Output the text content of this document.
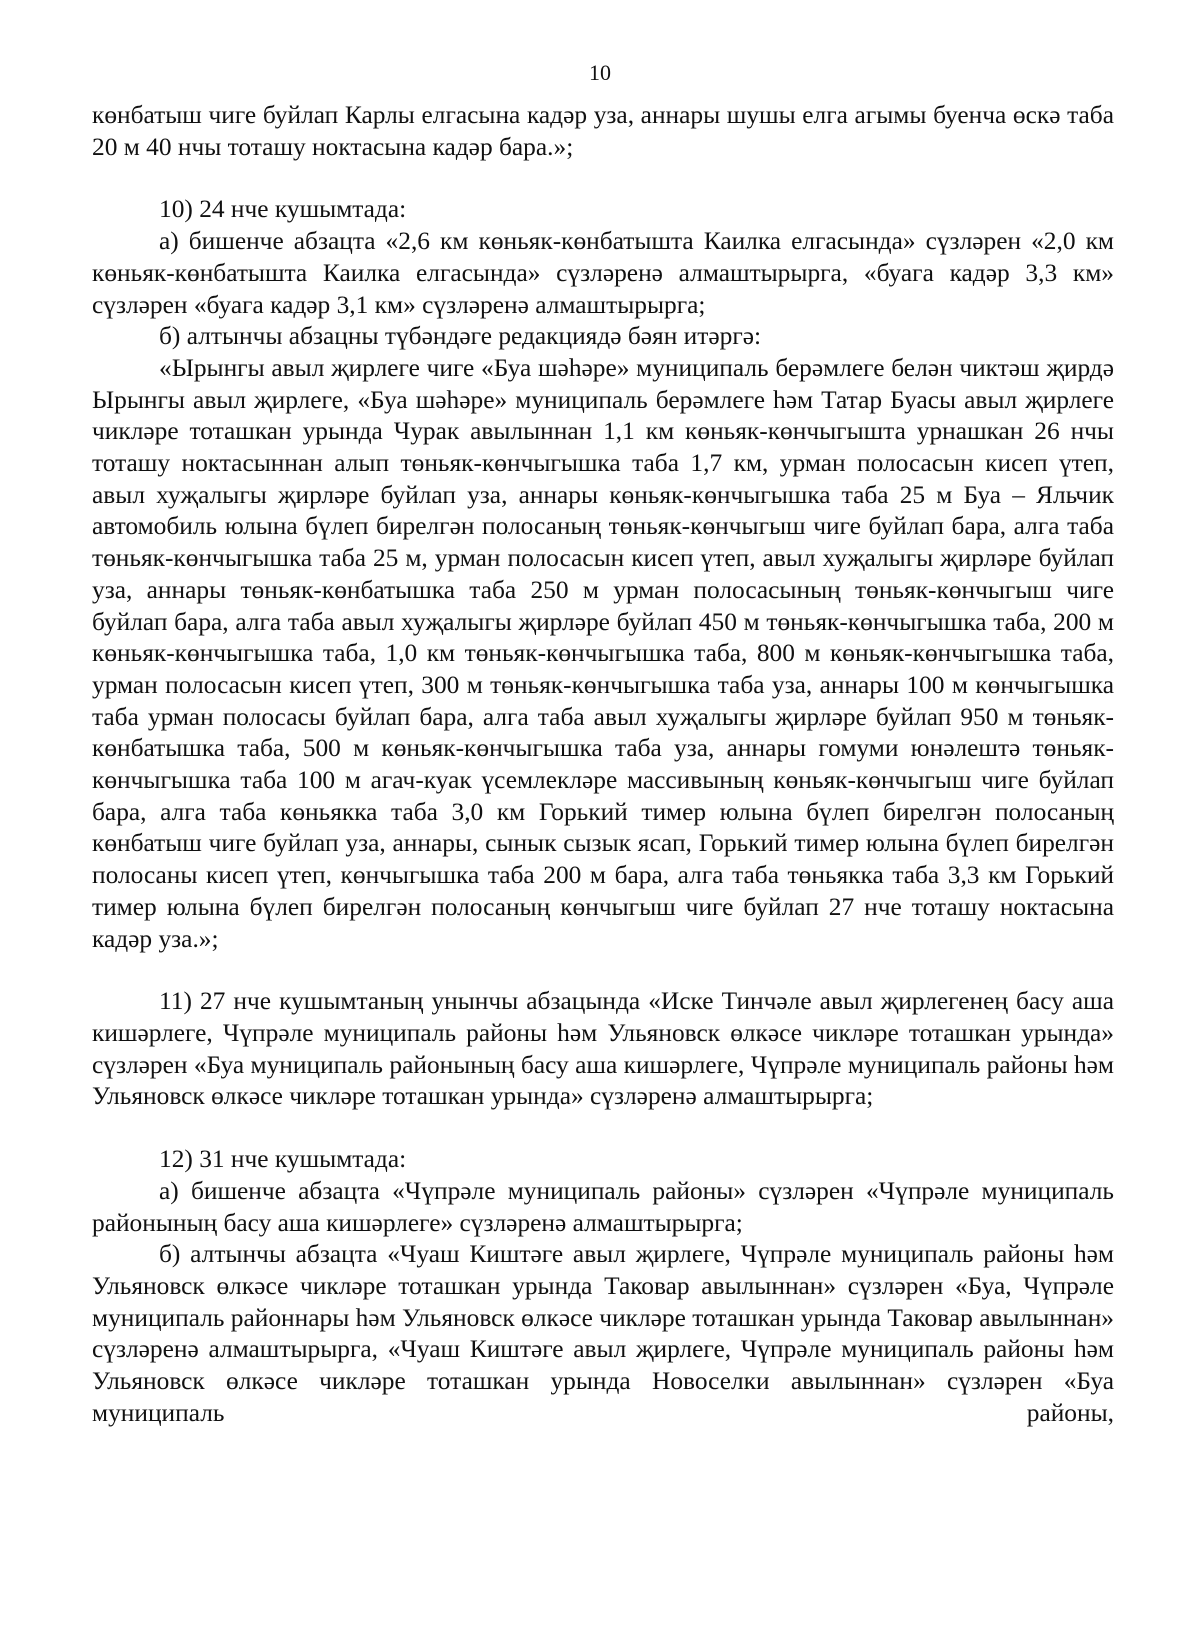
10

көнбатыш чиге буйлап Карлы елгасына кадәр уза, аннары шушы елга агымы буенча өскә таба 20 м 40 нчы тоташу ноктасына кадәр бара.»;

10) 24 нче кушымтада:

а) бишенче абзацта «2,6 км көньяк-көнбатышта Каилка елгасында» сүзләрен «2,0 км көньяк-көнбатышта Каилка елгасында» сүзләренә алмаштырырга, «буага кадәр 3,3 км» сүзләрен «буага кадәр 3,1 км» сүзләренә алмаштырырга;

б) алтынчы абзацны түбәндәге редакциядә бәян итәргә:

«Ырынгы авыл җирлеге чиге «Буа шәһәре» муниципаль берәмлеге белән чиктәш җирдә Ырынгы авыл җирлеге, «Буа шәһәре» муниципаль берәмлеге һәм Татар Буасы авыл җирлеге чикләре тоташкан урында Чурак авылыннан 1,1 км көньяк-көнчыгышта урнашкан 26 нчы тоташу ноктасыннан алып төньяк-көнчыгышка таба 1,7 км, урман полосасын кисеп үтеп, авыл хуҗалыгы җирләре буйлап уза, аннары көньяк-көнчыгышка таба 25 м Буа – Яльчик автомобиль юлына бүлеп бирелгән полосаның төньяк-көнчыгыш чиге буйлап бара, алга таба төньяк-көнчыгышка таба 25 м, урман полосасын кисеп үтеп, авыл хуҗалыгы җирләре буйлап уза, аннары төньяк-көнбатышка таба 250 м урман полосасының төньяк-көнчыгыш чиге буйлап бара, алга таба авыл хуҗалыгы җирләре буйлап 450 м төньяк-көнчыгышка таба, 200 м көньяк-көнчыгышка таба, 1,0 км төньяк-көнчыгышка таба, 800 м көньяк-көнчыгышка таба, урман полосасын кисеп үтеп, 300 м төньяк-көнчыгышка таба уза, аннары 100 м көнчыгышка таба урман полосасы буйлап бара, алга таба авыл хуҗалыгы җирләре буйлап 950 м төньяк-көнбатышка таба, 500 м көньяк-көнчыгышка таба уза, аннары гомуми юнәлештә төньяк-көнчыгышка таба 100 м агач-куак үсемлекләре массивының көньяк-көнчыгыш чиге буйлап бара, алга таба көньякка таба 3,0 км Горький тимер юлына бүлеп бирелгән полосаның көнбатыш чиге буйлап уза, аннары, сынык сызык ясап, Горький тимер юлына бүлеп бирелгән полосаны кисеп үтеп, көнчыгышка таба 200 м бара, алга таба төньякка таба 3,3 км Горький тимер юлына бүлеп бирелгән полосаның көнчыгыш чиге буйлап 27 нче тоташу ноктасына кадәр уза.»;

11) 27 нче кушымтаның унынчы абзацында «Иске Тинчәле авыл җирлегенең басу аша кишәрлеге, Чүпрәле муниципаль районы һәм Ульяновск өлкәсе чикләре тоташкан урында» сүзләрен «Буа муниципаль районының басу аша кишәрлеге, Чүпрәле муниципаль районы һәм Ульяновск өлкәсе чикләре тоташкан урында» сүзләренә алмаштырырга;

12) 31 нче кушымтада:

а) бишенче абзацта «Чүпрәле муниципаль районы» сүзләрен «Чүпрәле муниципаль районының басу аша кишәрлеге» сүзләренә алмаштырырга;

б) алтынчы абзацта «Чуаш Киштәге авыл җирлеге, Чүпрәле муниципаль районы һәм Ульяновск өлкәсе чикләре тоташкан урында Таковар авылыннан» сүзләрен «Буа, Чүпрәле муниципаль районнары һәм Ульяновск өлкәсе чикләре тоташкан урында Таковар авылыннан» сүзләренә алмаштырырга, «Чуаш Киштәге авыл җирлеге, Чүпрәле муниципаль районы һәм Ульяновск өлкәсе чикләре тоташкан урында Новоселки авылыннан» сүзләрен «Буа муниципаль районы,
